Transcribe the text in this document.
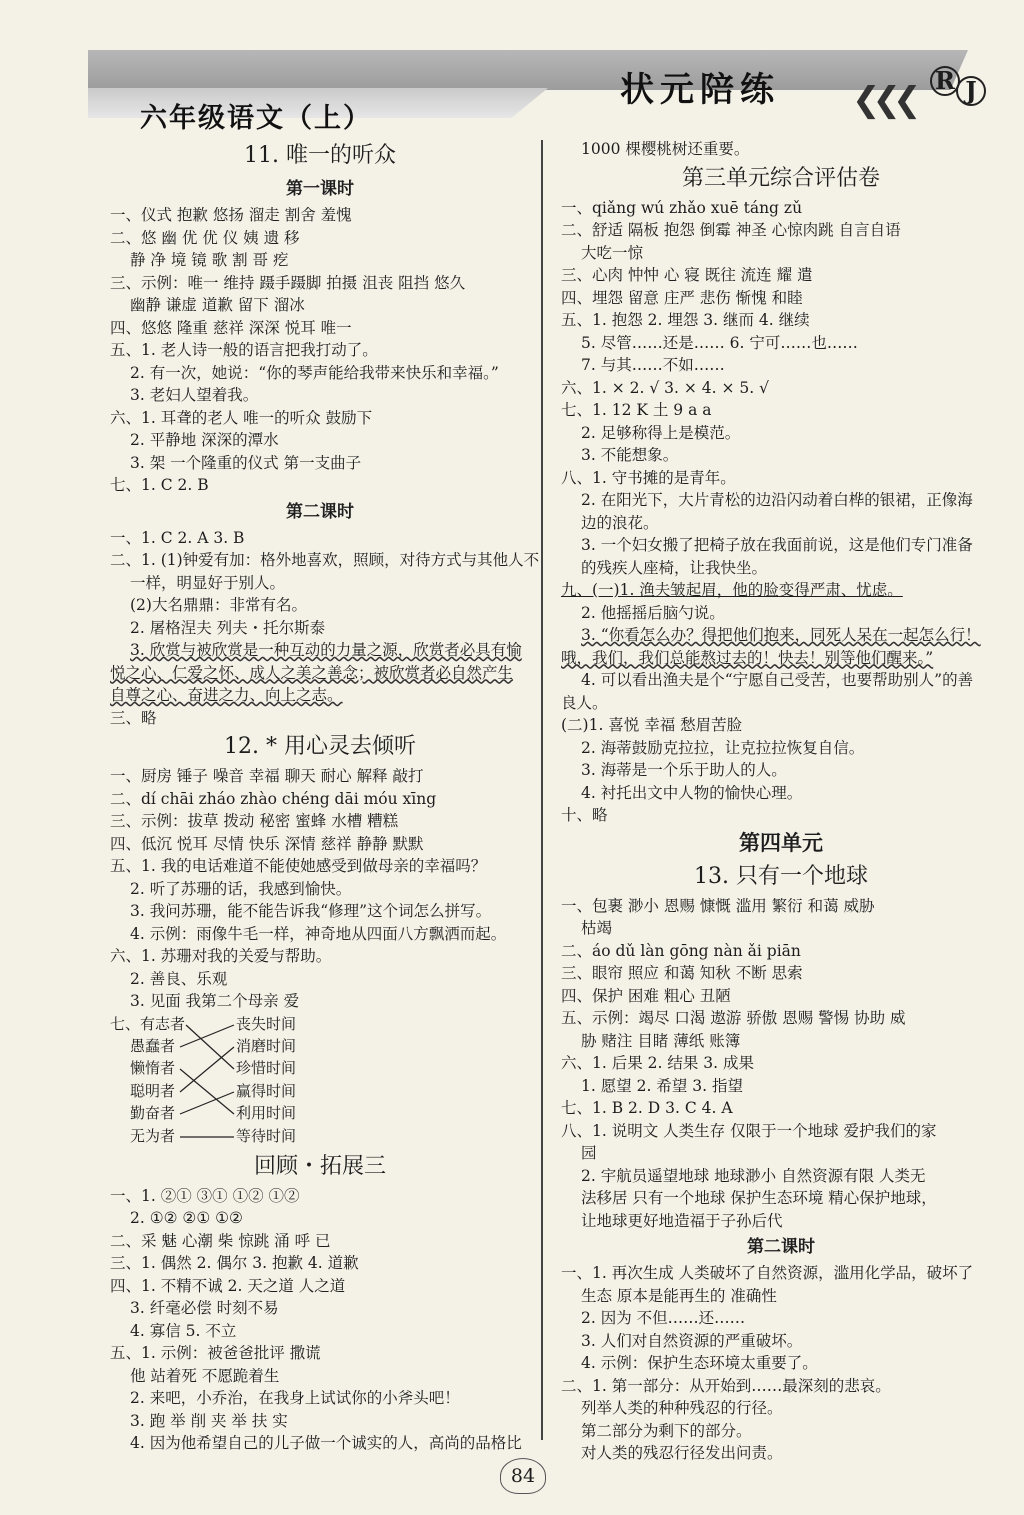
六年级语文（上）
状元陪练 ❮❮❮ R J
11. 唯一的听众
第一课时
一、仪式 抱歉 悠扬 溜走 割舍 羞愧
二、悠 幽 优 优 仪 姨 遗 移
静 净 境 镜 歌 割 哥 疙
三、示例：唯一 维持 蹑手蹑脚 拍摄 沮丧 阻挡 悠久
幽静 谦虚 道歉 留下 溜冰
四、悠悠 隆重 慈祥 深深 悦耳 唯一
五、1. 老人诗一般的语言把我打动了。
2. 有一次，她说：“你的琴声能给我带来快乐和幸福。”
3. 老妇人望着我。
六、1. 耳聋的老人 唯一的听众 鼓励下
2. 平静地 深深的潭水
3. 架 一个隆重的仪式 第一支曲子
七、1. C 2. B
第二课时
一、1. C 2. A 3. B
二、1. (1)钟爱有加：格外地喜欢，照顾，对待方式与其他人不
一样，明显好于别人。
(2)大名鼎鼎：非常有名。
2. 屠格涅夫 列夫・托尔斯泰
3. 欣赏与被欣赏是一种互动的力量之源，欣赏者必具有愉
悦之心、仁爱之怀、成人之美之善念；被欣赏者必自然产生
自尊之心、奋进之力、向上之志。
三、略
12. * 用心灵去倾听
一、厨房 锤子 噪音 幸福 聊天 耐心 解释 敲打
二、dí chāi zháo zhào chéng dāi móu xīng
三、示例：拔草 拨动 秘密 蜜蜂 水槽 糟糕
四、低沉 悦耳 尽情 快乐 深情 慈祥 静静 默默
五、1. 我的电话难道不能使她感受到做母亲的幸福吗？
2. 听了苏珊的话，我感到愉快。
3. 我问苏珊，能不能告诉我“修理”这个词怎么拼写。
4. 示例：雨像牛毛一样，神奇地从四面八方飘洒而起。
六、1. 苏珊对我的关爱与帮助。
2. 善良、乐观
3. 见面 我第二个母亲 爱
七、有志者
愚蠢者
懒惰者
聪明者
勤奋者
无为者
丧失时间
消磨时间
珍惜时间
赢得时间
利用时间
等待时间
回顾・拓展三
一、1. ②① ③① ①② ①②
2. ①② ②① ①②
二、采 魅 心潮 柴 惊跳 涌 呼 已
三、1. 偶然 2. 偶尔 3. 抱歉 4. 道歉
四、1. 不精不诚 2. 天之道 人之道
3. 纤毫必偿 时刻不易
4. 寡信 5. 不立
五、1. 示例：被爸爸批评 撒谎
他 站着死 不愿跪着生
2. 来吧，小乔治，在我身上试试你的小斧头吧！
3. 跑 举 削 夹 举 扶 实
4. 因为他希望自己的儿子做一个诚实的人，高尚的品格比
1000 棵樱桃树还重要。
第三单元综合评估卷
一、qiǎng wú zhǎo xuē táng zǔ
二、舒适 隔板 抱怨 倒霉 神圣 心惊肉跳 自言自语
大吃一惊
三、心肉 忡忡 心 寝 既往 流连 耀 遣
四、埋怨 留意 庄严 悲伤 惭愧 和睦
五、1. 抱怨 2. 埋怨 3. 继而 4. 继续
5. 尽管……还是…… 6. 宁可……也……
7. 与其……不如……
六、1. × 2. √ 3. × 4. × 5. √
七、1. 12 K 土 9 a a
2. 足够称得上是模范。
3. 不能想象。
八、1. 守书摊的是青年。
2. 在阳光下，大片青松的边沿闪动着白桦的银裙，正像海
边的浪花。
3. 一个妇女搬了把椅子放在我面前说，这是他们专门准备
的残疾人座椅，让我快坐。
九、(一)1. 渔夫皱起眉，他的脸变得严肃、忧虑。
2. 他摇摇后脑勺说。
3. “你看怎么办？得把他们抱来，同死人呆在一起怎么行！
哦，我们，我们总能熬过去的！快去！别等他们醒来。”
4. 可以看出渔夫是个“宁愿自己受苦，也要帮助别人”的善
良人。
(二)1. 喜悦 幸福 愁眉苦脸
2. 海蒂鼓励克拉拉，让克拉拉恢复自信。
3. 海蒂是一个乐于助人的人。
4. 衬托出文中人物的愉快心理。
十、略
第四单元
13. 只有一个地球
一、包裹 渺小 恩赐 慷慨 滥用 繁衍 和蔼 威胁
枯竭
二、áo dǔ làn gōng nàn ǎi piān
三、眼帘 照应 和蔼 知秋 不断 思索
四、保护 困难 粗心 丑陋
五、示例：竭尽 口渴 遨游 骄傲 恩赐 警惕 协助 威
胁 赌注 目睹 薄纸 账簿
六、1. 后果 2. 结果 3. 成果
1. 愿望 2. 希望 3. 指望
七、1. B 2. D 3. C 4. A
八、1. 说明文 人类生存 仅限于一个地球 爱护我们的家
园
2. 宇航员遥望地球 地球渺小 自然资源有限 人类无
法移居 只有一个地球 保护生态环境 精心保护地球，
让地球更好地造福于子孙后代
第二课时
一、1. 再次生成 人类破坏了自然资源，滥用化学品，破坏了
生态 原本是能再生的 准确性
2. 因为 不但……还……
3. 人们对自然资源的严重破坏。
4. 示例：保护生态环境太重要了。
二、1. 第一部分：从开始到……最深刻的悲哀。
列举人类的种种残忍的行径。
第二部分为剩下的部分。
对人类的残忍行径发出问责。
84
